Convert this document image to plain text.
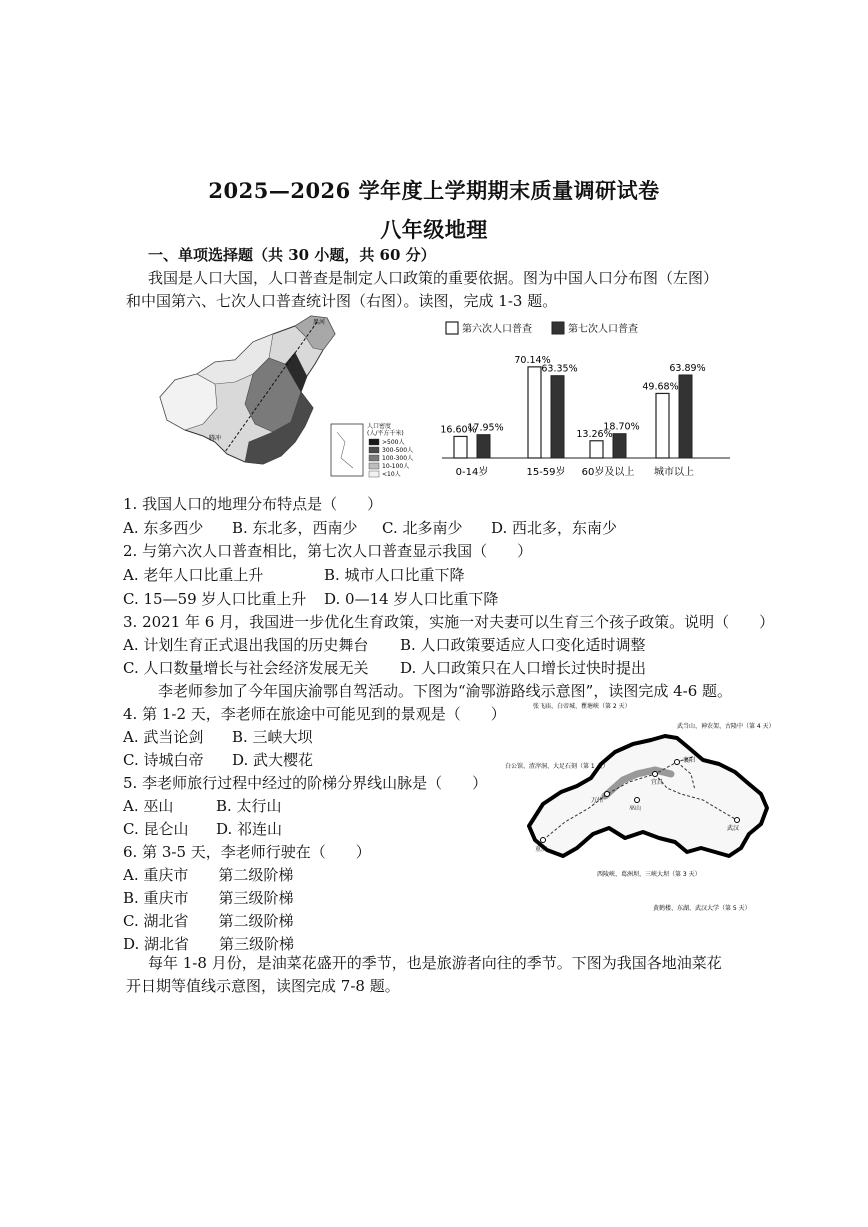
2025—2026 学年度上学期期末质量调研试卷
八年级地理
一、单项选择题（共 30 小题，共 60 分）
我国是人口大国，人口普查是制定人口政策的重要依据。图为中国人口分布图（左图）
和中国第六、七次人口普查统计图（右图）。读图，完成 1-3 题。
黑河
腾冲
人口密度
(人/平方千米)
>500人
300-500人
100-300人
10-100人
<10人
第六次人口普查	第七次人口普查
16.60%
17.95%
0-14岁
70.14%
63.35%
15-59岁
13.26%
18.70%
60岁及以上
49.68%
63.89%
城市以上
1. 我国人口的地理分布特点是（　　）
A. 东多西少 B. 东北多，西南少 C. 北多南少 D. 西北多，东南少
2. 与第六次人口普查相比，第七次人口普查显示我国（　　）
A. 老年人口比重上升	B. 城市人口比重下降
C. 15—59 岁人口比重上升 D. 0—14 岁人口比重下降
3. 2021 年 6 月，我国进一步优化生育政策，实施一对夫妻可以生育三个孩子政策。说明（　　）
A. 计划生育正式退出我国的历史舞台 B. 人口政策要适应人口变化适时调整
C. 人口数量增长与社会经济发展无关 D. 人口政策只在人口增长过快时提出
李老师参加了今年国庆渝鄂自驾活动。下图为“渝鄂游路线示意图”，读图完成 4-6 题。
4. 第 1-2 天，李老师在旅途中可能见到的景观是（　　）
A. 武当论剑 B. 三峡大坝
C. 诗城白帝 D. 武大樱花
5. 李老师旅行过程中经过的阶梯分界线山脉是（　　）
A. 巫山	B. 太行山
C. 昆仑山 D. 祁连山
6. 第 3-5 天，李老师行驶在（　　）
A. 重庆市　　第二级阶梯
B. 重庆市　　第三级阶梯
C. 湖北省　　第二级阶梯
D. 湖北省　　第三级阶梯
重庆
万州
巫山
宜昌
襄阳
武汉
张飞庙、白帝城、瞿塘峡（第 2 天）
白公馆、渣滓洞、大足石刻（第 1 天）
武当山、神农架、古隆中（第 4 天）
西陵峡、葛洲坝、三峡大坝（第 3 天）
黄鹤楼、东湖、武汉大学（第 5 天）
每年 1-8 月份，是油菜花盛开的季节，也是旅游者向往的季节。下图为我国各地油菜花
开日期等值线示意图，读图完成 7-8 题。
